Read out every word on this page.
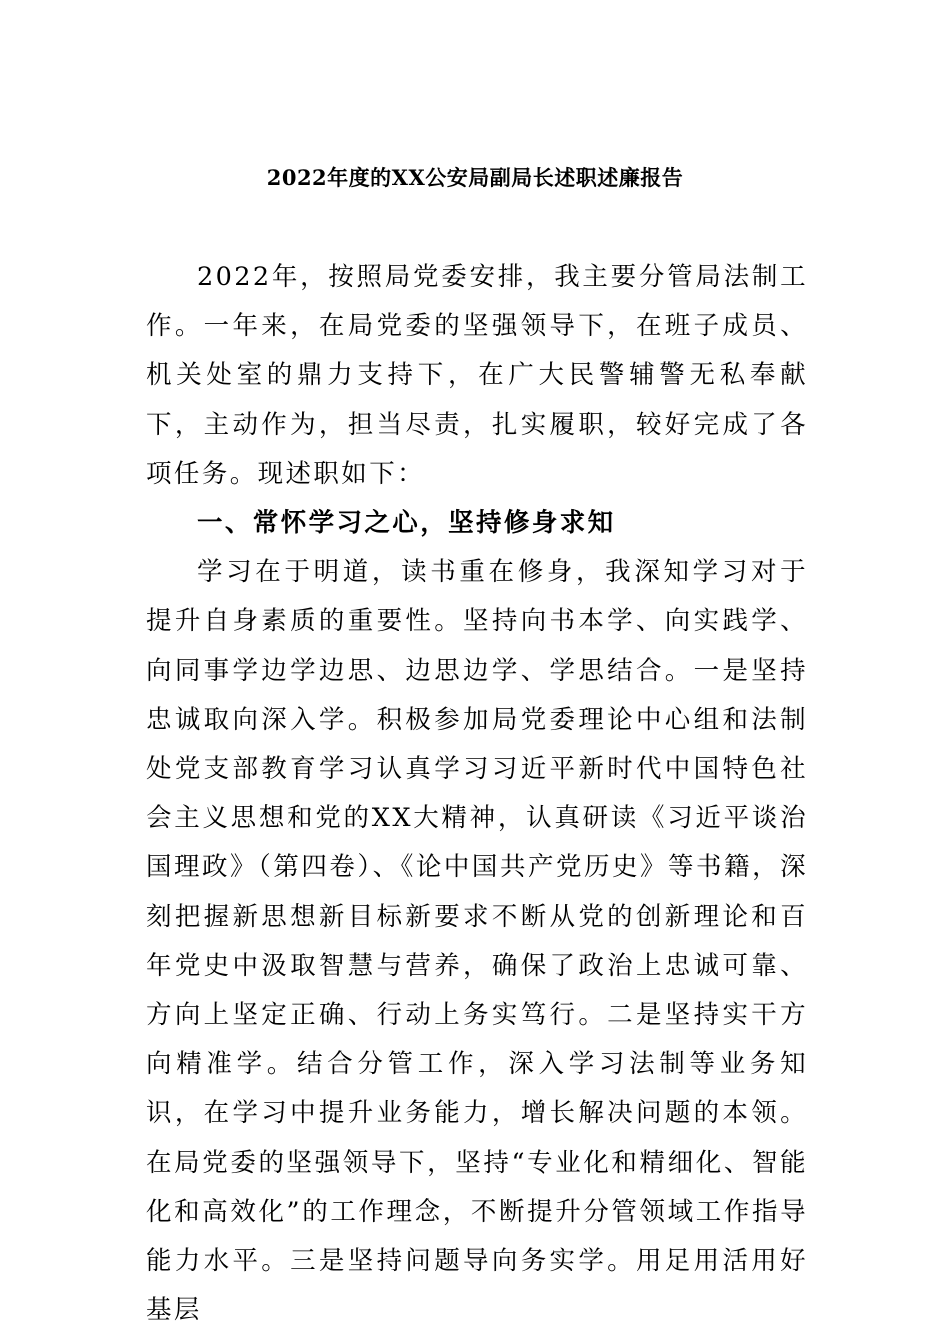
2022年度的XX公安局副局长述职述廉报告

2022年，按照局党委安排，我主要分管局法制工作。一年来，在局党委的坚强领导下，在班子成员、机关处室的鼎力支持下，在广大民警辅警无私奉献下，主动作为，担当尽责，扎实履职，较好完成了各项任务。现述职如下：

一、常怀学习之心，坚持修身求知

学习在于明道，读书重在修身，我深知学习对于提升自身素质的重要性。坚持向书本学、向实践学、向同事学边学边思、边思边学、学思结合。一是坚持忠诚取向深入学。积极参加局党委理论中心组和法制处党支部教育学习认真学习习近平新时代中国特色社会主义思想和党的XX大精神，认真研读《习近平谈治国理政》（第四卷）、《论中国共产党历史》等书籍，深刻把握新思想新目标新要求不断从党的创新理论和百年党史中汲取智慧与营养，确保了政治上忠诚可靠、方向上坚定正确、行动上务实笃行。二是坚持实干方向精准学。结合分管工作，深入学习法制等业务知识，在学习中提升业务能力，增长解决问题的本领。在局党委的坚强领导下，坚持“专业化和精细化、智能化和高效化”的工作理念，不断提升分管领域工作指导能力水平。三是坚持问题导向务实学。用足用活用好基层
